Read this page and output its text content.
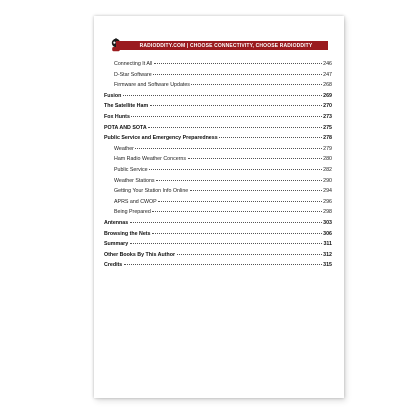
RADIODDITY.COM | CHOOSE CONNECTIVITY, CHOOSE RADIODDITY
Connecting It All	246
D-Star Software	247
Firmware and Software Updates	268
Fusion	269
The Satellite Ham	270
Fox Hunts	273
POTA AND SOTA	275
Public Service and Emergency Preparedness	278
Weather	279
Ham Radio Weather Concerns	280
Public Service	282
Weather Stations	290
Getting Your Station Info Online	294
APRS and CWOP	296
Being Prepared	298
Antennas	303
Browsing the Nets	306
Summary	311
Other Books By This Author	312
Credits	315
